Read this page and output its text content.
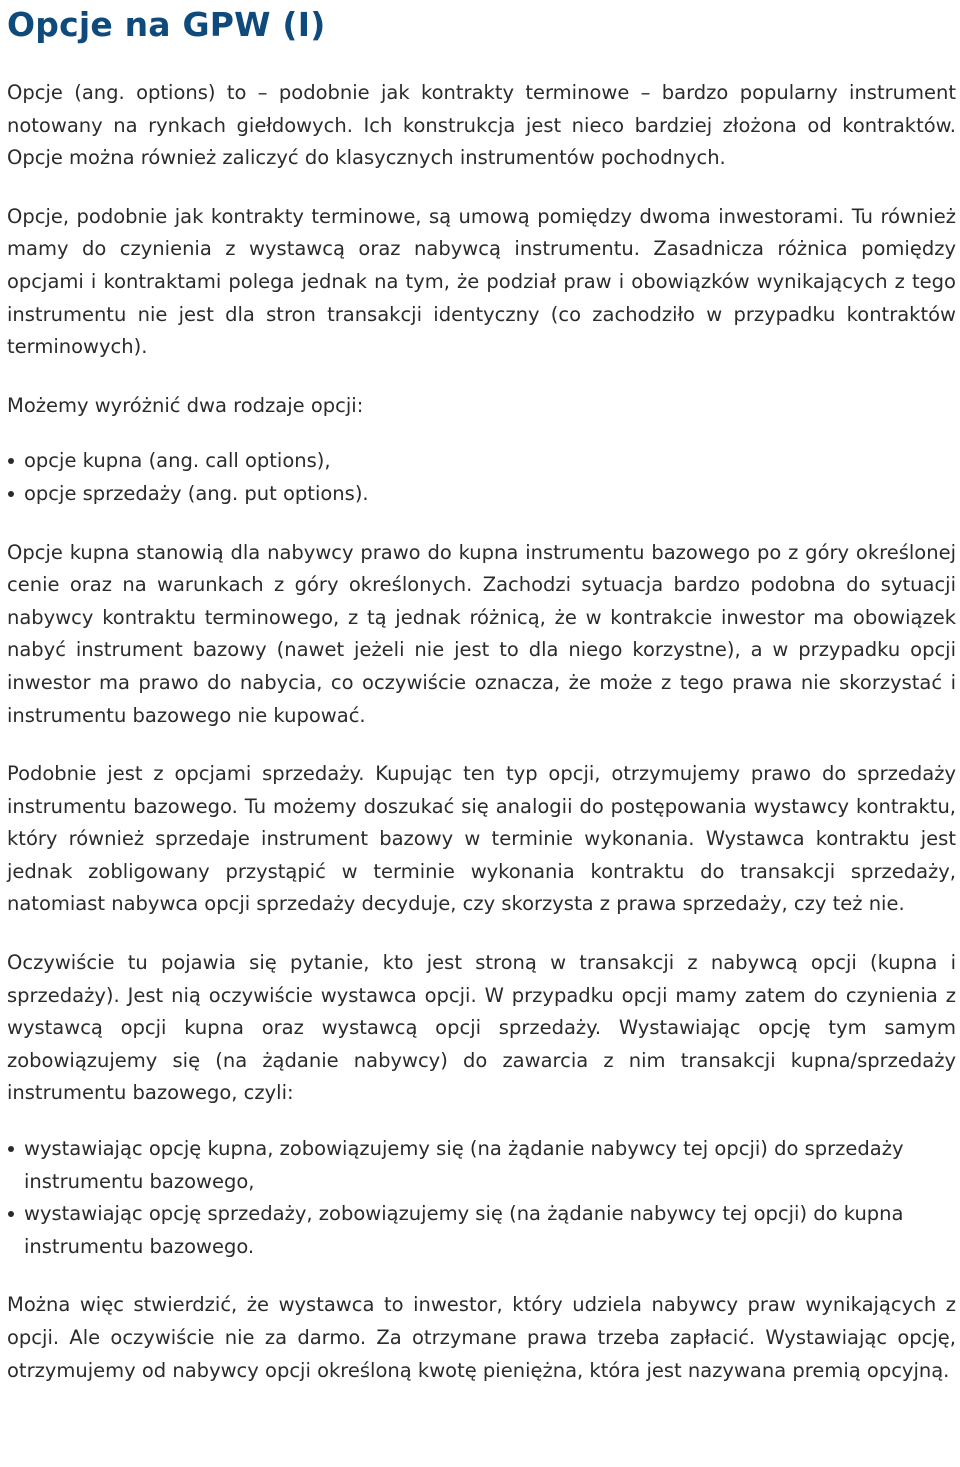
Opcje na GPW (I)

Opcje (ang. options) to – podobnie jak kontrakty terminowe – bardzo popularny instrument notowany na rynkach giełdowych. Ich konstrukcja jest nieco bardziej złożona od kontraktów. Opcje można również zaliczyć do klasycznych instrumentów pochodnych.

Opcje, podobnie jak kontrakty terminowe, są umową pomiędzy dwoma inwestorami. Tu również mamy do czynienia z wystawcą oraz nabywcą instrumentu. Zasadnicza różnica pomiędzy opcjami i kontraktami polega jednak na tym, że podział praw i obowiązków wynikających z tego instrumentu nie jest dla stron transakcji identyczny (co zachodziło w przypadku kontraktów terminowych).

Możemy wyróżnić dwa rodzaje opcji:

opcje kupna (ang. call options),
opcje sprzedaży (ang. put options).

Opcje kupna stanowią dla nabywcy prawo do kupna instrumentu bazowego po z góry określonej cenie oraz na warunkach z góry określonych. Zachodzi sytuacja bardzo podobna do sytuacji nabywcy kontraktu terminowego, z tą jednak różnicą, że w kontrakcie inwestor ma obowiązek nabyć instrument bazowy (nawet jeżeli nie jest to dla niego korzystne), a w przypadku opcji inwestor ma prawo do nabycia, co oczywiście oznacza, że może z tego prawa nie skorzystać i instrumentu bazowego nie kupować.

Podobnie jest z opcjami sprzedaży. Kupując ten typ opcji, otrzymujemy prawo do sprzedaży instrumentu bazowego. Tu możemy doszukać się analogii do postępowania wystawcy kontraktu, który również sprzedaje instrument bazowy w terminie wykonania. Wystawca kontraktu jest jednak zobligowany przystąpić w terminie wykonania kontraktu do transakcji sprzedaży, natomiast nabywca opcji sprzedaży decyduje, czy skorzysta z prawa sprzedaży, czy też nie.

Oczywiście tu pojawia się pytanie, kto jest stroną w transakcji z nabywcą opcji (kupna i sprzedaży). Jest nią oczywiście wystawca opcji. W przypadku opcji mamy zatem do czynienia z wystawcą opcji kupna oraz wystawcą opcji sprzedaży. Wystawiając opcję tym samym zobowiązujemy się (na żądanie nabywcy) do zawarcia z nim transakcji kupna/sprzedaży instrumentu bazowego, czyli:

wystawiając opcję kupna, zobowiązujemy się (na żądanie nabywcy tej opcji) do sprzedaży instrumentu bazowego,
wystawiając opcję sprzedaży, zobowiązujemy się (na żądanie nabywcy tej opcji) do kupna instrumentu bazowego.

Można więc stwierdzić, że wystawca to inwestor, który udziela nabywcy praw wynikających z opcji. Ale oczywiście nie za darmo. Za otrzymane prawa trzeba zapłacić. Wystawiając opcję, otrzymujemy od nabywcy opcji określoną kwotę pieniężna, która jest nazywana premią opcyjną.
